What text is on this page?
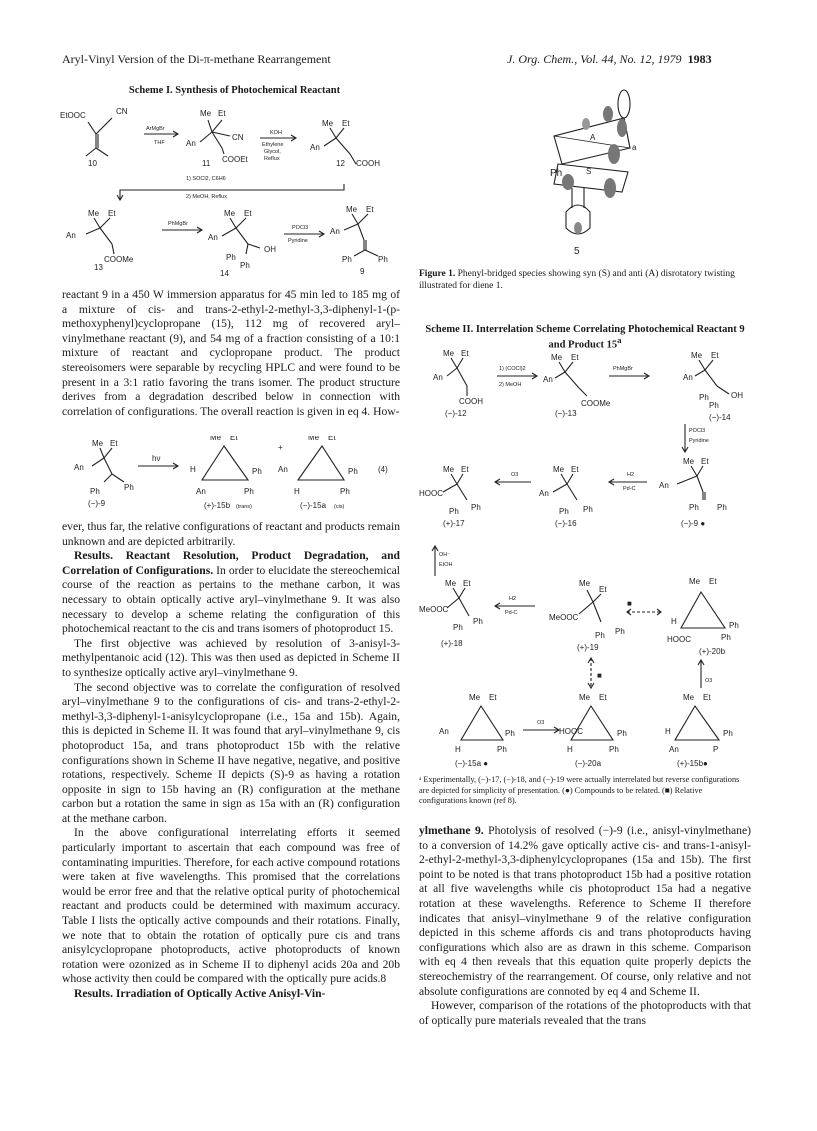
Aryl-Vinyl Version of the Di-π-methane Rearrangement	J. Org. Chem., Vol. 44, No. 12, 1979 1983
Scheme I. Synthesis of Photochemical Reactant
EtOOC	CN
10
ArMgBr
THF
Me Et
An
CN
COOEt
11
KOH
Ethylene
Glycol,
Reflux
Me Et
An
COOH
12
1) SOCl2, C6H6
2) MeOH, Reflux
Me Et
An
COOMe
13
PhMgBr
Me Et
An
OH
Ph
Ph
14
POCl3
Pyridine
Me Et
An
Ph	Ph
9
Ph
A
S
a
5
Figure 1. Phenyl-bridged species showing syn (S) and anti (A) disrotatory twisting illustrated for diene 1.

reactant 9 in a 450 W immersion apparatus for 45 min led to 185 mg of a mixture of cis- and trans-2-ethyl-2-methyl-3,3-diphenyl-1-(p-methoxyphenyl)cyclopropane (15), 112 mg of recovered aryl–vinylmethane reactant (9), and 54 mg of a fraction consisting of a 10:1 mixture of reactant and cyclopropane product. The product stereoisomers were separable by recycling HPLC and were found to be present in a 3:1 ratio favoring the trans isomer. The product structure derives from a degradation described below in connection with correlation of configurations. The overall reaction is given in eq 4. How-

Me Et
An
Ph	Ph
(−)-9
hν
Me Et
H	Ph
Ph
An
(+)-15b (trans)
+
Me Et
An	Ph
Ph
H
(−)-15a (cis)
(4)

ever, thus far, the relative configurations of reactant and products remain unknown and are depicted arbitrarily.

Results. Reactant Resolution, Product Degradation, and Correlation of Configurations. In order to elucidate the stereochemical course of the reaction as pertains to the methane carbon, it was necessary to obtain optically active aryl–vinylmethane 9. It was also necessary to develop a scheme relating the configuration of this photochemical reactant to the cis and trans isomers of photoproduct 15.

The first objective was achieved by resolution of 3-anisyl-3-methylpentanoic acid (12). This was then used as depicted in Scheme II to synthesize optically active aryl–vinylmethane 9.

The second objective was to correlate the configuration of resolved aryl–vinylmethane 9 to the configurations of cis- and trans-2-ethyl-2-methyl-3,3-diphenyl-1-anisylcyclopropane (i.e., 15a and 15b). Again, this is depicted in Scheme II. It was found that aryl–vinylmethane 9, cis photoproduct 15a, and trans photoproduct 15b with the relative configurations shown in Scheme II have negative, negative, and positive rotations, respectively. Scheme II depicts (S)-9 as having a rotation opposite in sign to 15b having an (R) configuration at the methane carbon but a rotation the same in sign as 15a with an (R) configuration at the methane carbon.

In the above configurational interrelating efforts it seemed particularly important to ascertain that each compound was free of contaminating impurities. Therefore, for each active compound rotations were taken at five wavelengths. This promised that the correlations would be error free and that the relative optical purity of photochemical reactant and products could be determined with maximum accuracy. Table I lists the optically active compounds and their rotations. Finally, we note that to obtain the rotation of optically pure cis and trans anisylcyclopropane photoproducts, active photoproducts of known rotation were ozonized as in Scheme II to diphenyl acids 20a and 20b whose activity then could be compared with the optically pure acids.8

Results. Irradiation of Optically Active Anisyl-Vin-
Scheme II. Interrelation Scheme Correlating Photochemical Reactant 9 and Product 15$^a$
Me Et
An
COOH
(−)-12
1) (COCl)2
2) MeOH
Me Et
An
COOMe
(−)-13
PhMgBr
Me Et
An
OH
Ph
Ph
(−)-14
POCl3
Pyridine
Me Et
HOOC
Ph Ph
(+)-17
O3
Me Et
An
Ph Ph
(−)-16
H2
Pd-C
Me Et
An
Ph Ph
(−)-9 ●
OH⁻
EtOH
Me Et
MeOOC
Ph
Ph
(+)-18
H2
Pd-C
Me
Et
MeOOC
Ph Ph
(+)-19
■
Me Et
H	Ph
Ph
HOOC
(+)-20b
■
O3
Me Et
An	Ph
Ph
H
(−)-15a ●
O3
Me Et
HOOC	Ph
Ph
H
(−)-20a
Me Et
H	Ph
P
An
(+)-15b●
ᵃ Experimentally, (−)-17, (−)-18, and (−)-19 were actually interrelated but reverse configurations are depicted for simplicity of presentation. (●) Compounds to be related. (■) Relative configurations known (ref 8).

ylmethane 9. Photolysis of resolved (−)-9 (i.e., anisyl-vinylmethane) to a conversion of 14.2% gave optically active cis- and trans-1-anisyl-2-ethyl-2-methyl-3,3-diphenylcyclopropanes (15a and 15b). The first point to be noted is that trans photoproduct 15b had a positive rotation at all five wavelengths while cis photoproduct 15a had a negative rotation at these wavelengths. Reference to Scheme II therefore indicates that anisyl–vinylmethane 9 of the relative configuration depicted in this scheme affords cis and trans photoproducts having configurations which also are as drawn in this scheme. Comparison with eq 4 then reveals that this equation quite properly depicts the stereochemistry of the rearrangement. Of course, only relative and not absolute configurations are connoted by eq 4 and Scheme II.

However, comparison of the rotations of the photoproducts with that of optically pure materials revealed that the trans
